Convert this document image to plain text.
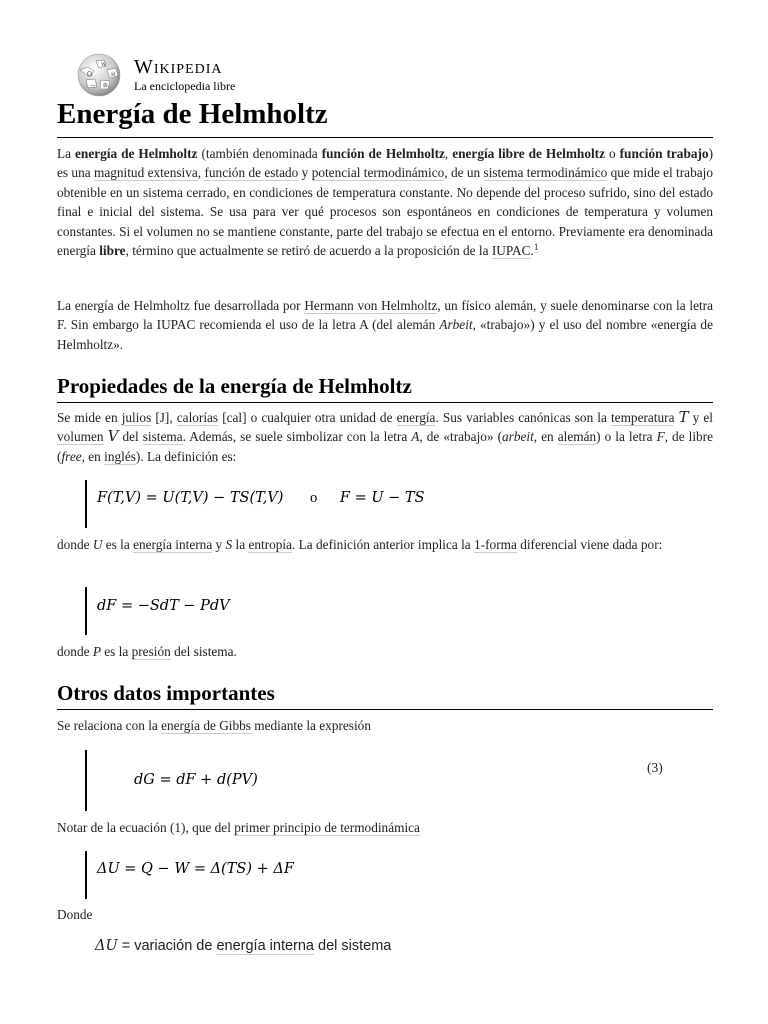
Ω
W
И
ب 維
Wikipedia
La enciclopedia libre
Energía de Helmholtz

La energía de Helmholtz (también denominada función de Helmholtz, energía libre de Helmholtz o función trabajo) es una magnitud extensiva, función de estado y potencial termodinámico, de un sistema termodinámico que mide el trabajo obtenible en un sistema cerrado, en condiciones de temperatura constante. No depende del proceso sufrido, sino del estado final e inicial del sistema. Se usa para ver qué procesos son espontáneos en condiciones de temperatura y volumen constantes. Si el volumen no se mantiene constante, parte del trabajo se efectua en el entorno. Previamente era denominada energía libre, término que actualmente se retiró de acuerdo a la proposición de la IUPAC.$^1$

La energía de Helmholtz fue desarrollada por Hermann von Helmholtz, un físico alemán, y suele denominarse con la letra F. Sin embargo la IUPAC recomienda el uso de la letra A (del alemán Arbeit, «trabajo») y el uso del nombre «energía de Helmholtz».

Propiedades de la energía de Helmholtz

Se mide en julios [J], calorías [cal] o cualquier otra unidad de energía. Sus variables canónicas son la temperatura T y el volumen V del sistema. Además, se suele simbolizar con la letra A, de «trabajo» (arbeit, en alemán) o la letra F, de libre (free, en inglés). La definición es:

F(T,V) = U(T,V) − TS(T,V) o F = U − TS

donde U es la energía interna y S la entropía. La definición anterior implica la 1-forma diferencial viene dada por:

dF = −SdT − PdV

donde P es la presión del sistema.

Otros datos importantes

Se relaciona con la energía de Gibbs mediante la expresión

dG = dF + d(PV)
(3)

Notar de la ecuación (1), que del primer principio de termodinámica

ΔU = Q − W = Δ(TS) + ΔF

Donde

ΔU = variación de energía interna del sistema
